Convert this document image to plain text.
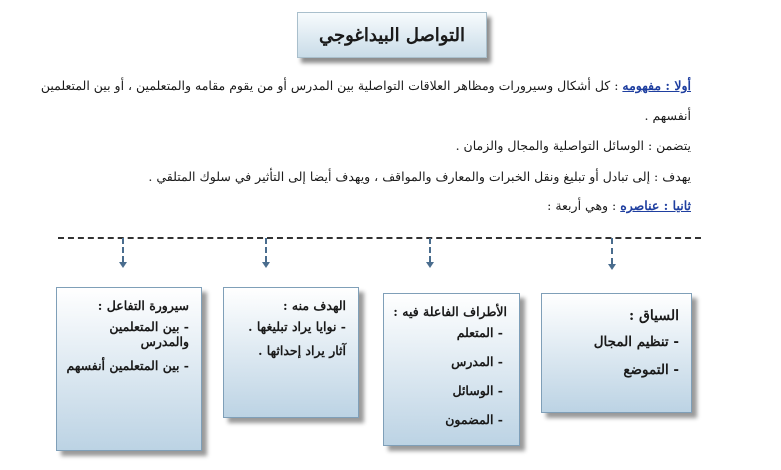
التواصل البيداغوجي
أولا : مفهومه : كل أشكال وسيرورات ومظاهر العلاقات التواصلية بين المدرس أو من يقوم مقامه والمتعلمين ، أو بين المتعلمين
أنفسهم .
يتضمن : الوسائل التواصلية والمجال والزمان .
يهدف : إلى تبادل أو تبليغ ونقل الخبرات والمعارف والمواقف ، ويهدف أيضا إلى التأثير في سلوك المتلقي .
ثانيا : عناصره : وهي أربعة :
السياق :
- تنظيم المجال
- التموضع
الأطراف الفاعلة فيه :
- المتعلم
- المدرس
- الوسائل
- المضمون
الهدف منه :
- نوايا يراد تبليغها .
آثار يراد إحداثها .
سيرورة التفاعل :
- بين المتعلمين والمدرس
- بين المتعلمين أنفسهم
